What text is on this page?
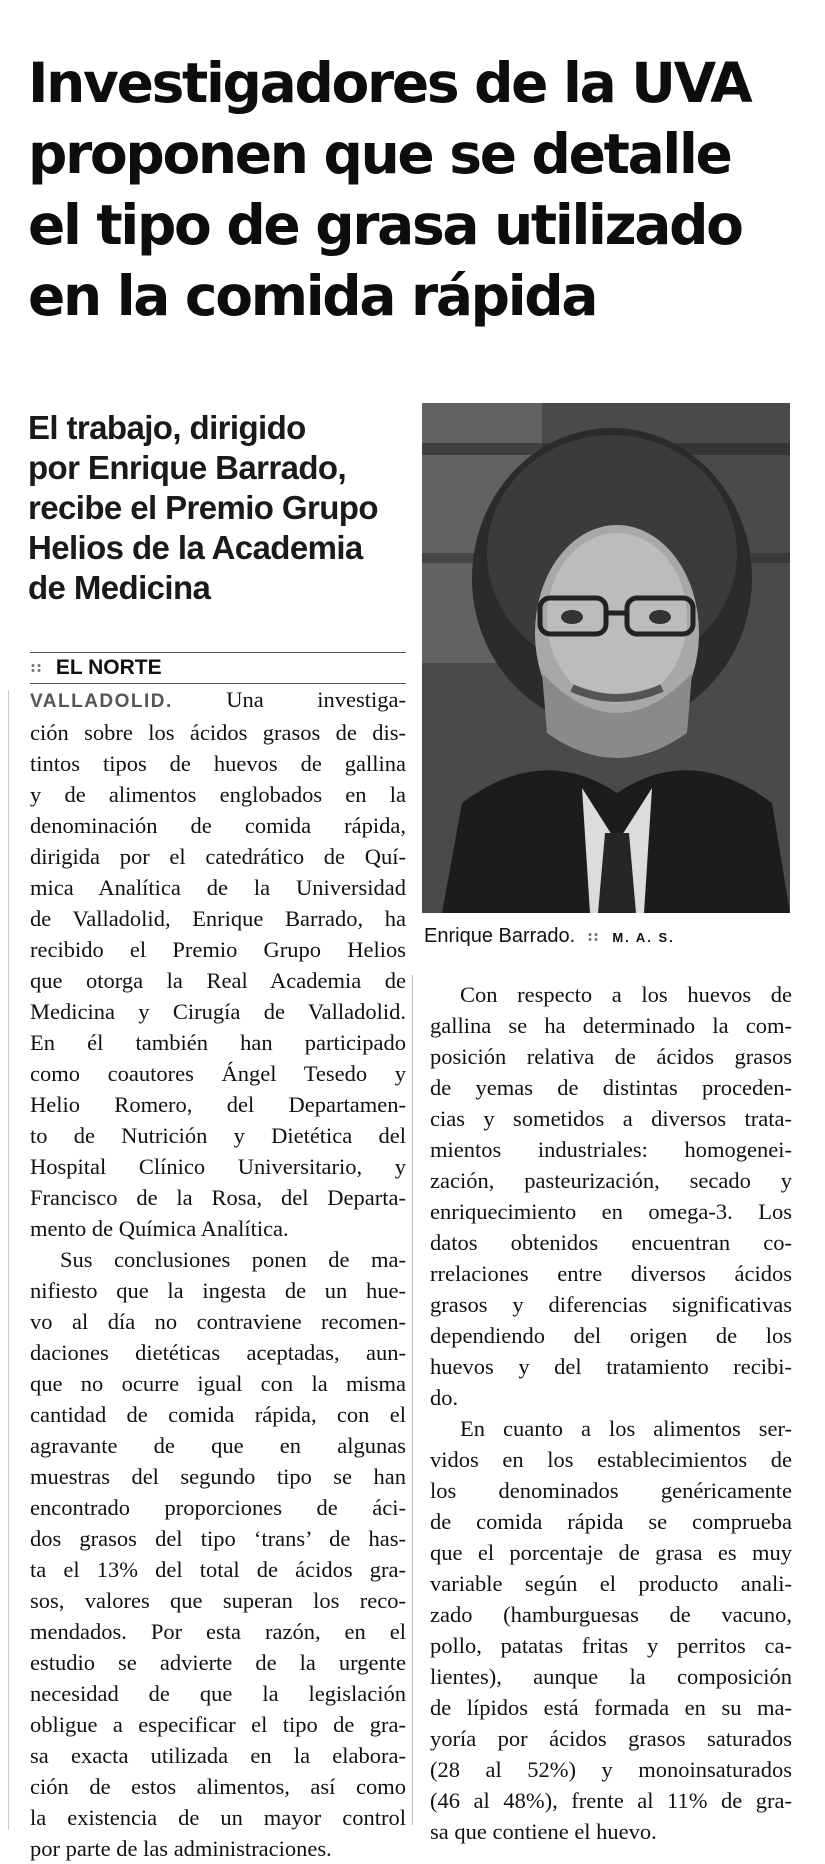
Investigadores de la UVA
proponen que se detalle
el tipo de grasa utilizado
en la comida rápida
El trabajo, dirigido
por Enrique Barrado,
recibe el Premio Grupo
Helios de la Academia
de Medicina
Enrique Barrado.	M. A. S.
EL NORTE
VALLADOLID. Una investiga-
ción sobre los ácidos grasos de dis-
tintos tipos de huevos de gallina
y de alimentos englobados en la
denominación de comida rápida,
dirigida por el catedrático de Quí-
mica Analítica de la Universidad
de Valladolid, Enrique Barrado, ha
recibido el Premio Grupo Helios
que otorga la Real Academia de
Medicina y Cirugía de Valladolid.
En él también han participado
como coautores Ángel Tesedo y
Helio Romero, del Departamen-
to de Nutrición y Dietética del
Hospital Clínico Universitario, y
Francisco de la Rosa, del Departa-
mento de Química Analítica.
Sus conclusiones ponen de ma-
nifiesto que la ingesta de un hue-
vo al día no contraviene recomen-
daciones dietéticas aceptadas, aun-
que no ocurre igual con la misma
cantidad de comida rápida, con el
agravante de que en algunas
muestras del segundo tipo se han
encontrado proporciones de áci-
dos grasos del tipo ‘trans’ de has-
ta el 13% del total de ácidos gra-
sos, valores que superan los reco-
mendados. Por esta razón, en el
estudio se advierte de la urgente
necesidad de que la legislación
obligue a especificar el tipo de gra-
sa exacta utilizada en la elabora-
ción de estos alimentos, así como
la existencia de un mayor control
por parte de las administraciones.
Con respecto a los huevos de
gallina se ha determinado la com-
posición relativa de ácidos grasos
de yemas de distintas proceden-
cias y sometidos a diversos trata-
mientos industriales: homogenei-
zación, pasteurización, secado y
enriquecimiento en omega-3. Los
datos obtenidos encuentran co-
rrelaciones entre diversos ácidos
grasos y diferencias significativas
dependiendo del origen de los
huevos y del tratamiento recibi-
do.
En cuanto a los alimentos ser-
vidos en los establecimientos de
los denominados genéricamente
de comida rápida se comprueba
que el porcentaje de grasa es muy
variable según el producto anali-
zado (hamburguesas de vacuno,
pollo, patatas fritas y perritos ca-
lientes), aunque la composición
de lípidos está formada en su ma-
yoría por ácidos grasos saturados
(28 al 52%) y monoinsaturados
(46 al 48%), frente al 11% de gra-
sa que contiene el huevo.
